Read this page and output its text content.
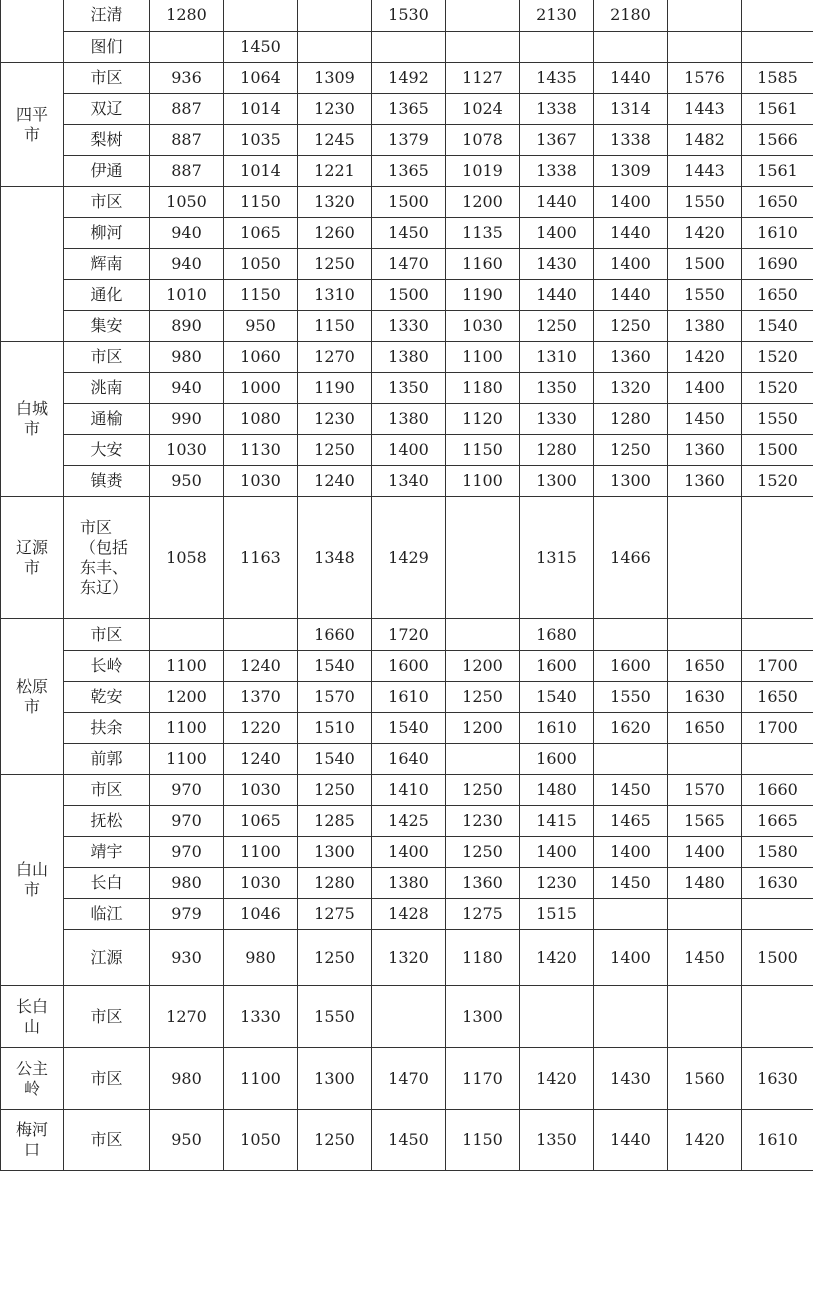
	汪清	1280			1530		2130	2180		
	图们		1450							
四平市	市区	936	1064	1309	1492	1127	1435	1440	1576	1585
	双辽	887	1014	1230	1365	1024	1338	1314	1443	1561
	梨树	887	1035	1245	1379	1078	1367	1338	1482	1566
	伊通	887	1014	1221	1365	1019	1338	1309	1443	1561
	市区	1050	1150	1320	1500	1200	1440	1400	1550	1650
	柳河	940	1065	1260	1450	1135	1400	1440	1420	1610
	辉南	940	1050	1250	1470	1160	1430	1400	1500	1690
	通化	1010	1150	1310	1500	1190	1440	1440	1550	1650
	集安	890	950	1150	1330	1030	1250	1250	1380	1540
白城市	市区	980	1060	1270	1380	1100	1310	1360	1420	1520
	洮南	940	1000	1190	1350	1180	1350	1320	1400	1520
	通榆	990	1080	1230	1380	1120	1330	1280	1450	1550
	大安	1030	1130	1250	1400	1150	1280	1250	1360	1500
	镇赉	950	1030	1240	1340	1100	1300	1300	1360	1520
辽源市	市区（包括东丰、东辽）	1058	1163	1348	1429		1315	1466		
松原市	市区			1660	1720		1680			
	长岭	1100	1240	1540	1600	1200	1600	1600	1650	1700
	乾安	1200	1370	1570	1610	1250	1540	1550	1630	1650
	扶余	1100	1220	1510	1540	1200	1610	1620	1650	1700
	前郭	1100	1240	1540	1640		1600			
白山市	市区	970	1030	1250	1410	1250	1480	1450	1570	1660
	抚松	970	1065	1285	1425	1230	1415	1465	1565	1665
	靖宇	970	1100	1300	1400	1250	1400	1400	1400	1580
	长白	980	1030	1280	1380	1360	1230	1450	1480	1630
	临江	979	1046	1275	1428	1275	1515			
	江源	930	980	1250	1320	1180	1420	1400	1450	1500
长白山	市区	1270	1330	1550		1300				
公主岭	市区	980	1100	1300	1470	1170	1420	1430	1560	1630
梅河口	市区	950	1050	1250	1450	1150	1350	1440	1420	1610
